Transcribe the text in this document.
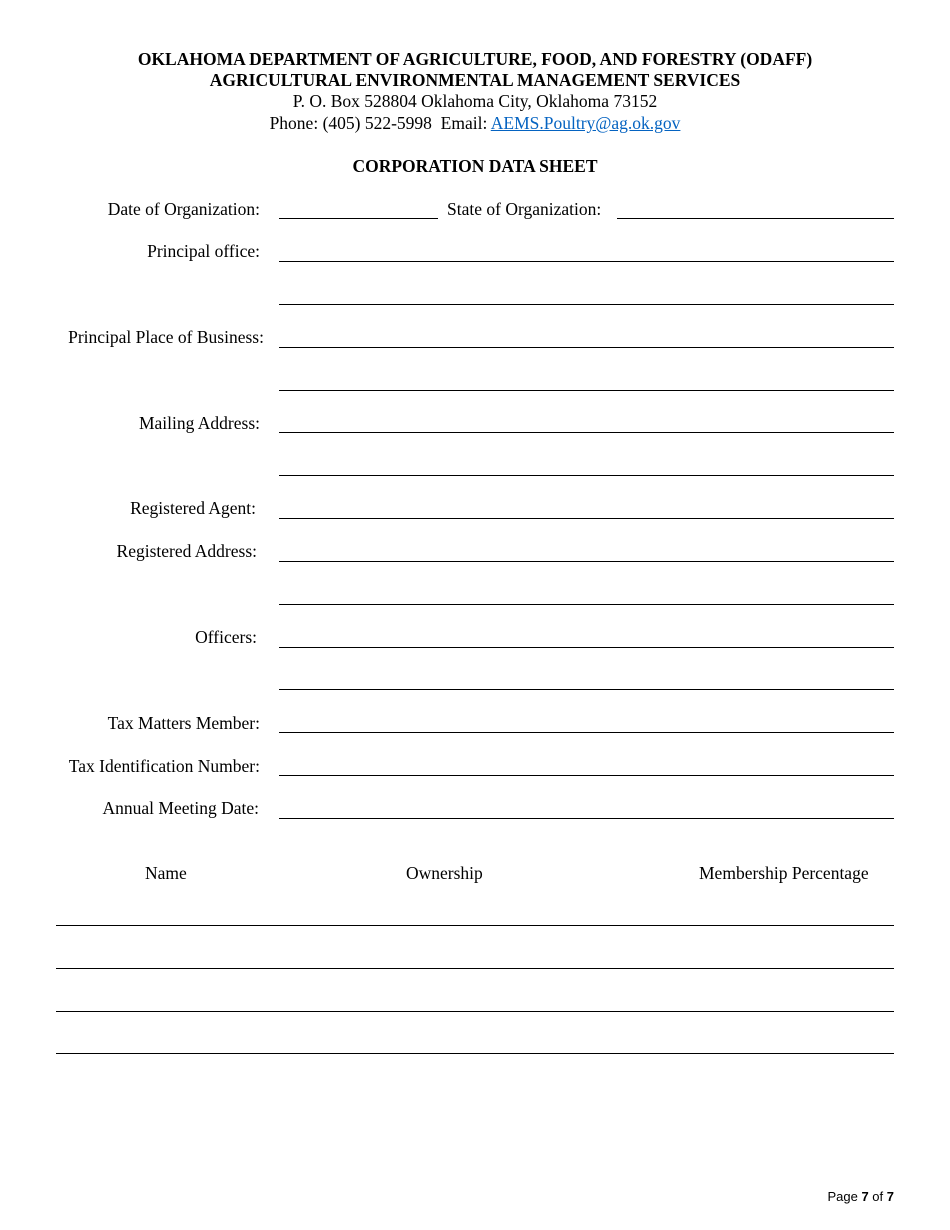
OKLAHOMA DEPARTMENT OF AGRICULTURE, FOOD, AND FORESTRY (ODAFF)
AGRICULTURAL ENVIRONMENTAL MANAGEMENT SERVICES
P. O. Box 528804 Oklahoma City, Oklahoma 73152
Phone: (405) 522-5998  Email: AEMS.Poultry@ag.ok.gov
CORPORATION DATA SHEET
Date of Organization:	State of Organization:
Principal office:
Principal Place of Business:
Mailing Address:
Registered Agent:
Registered Address:
Officers:
Tax Matters Member:
Tax Identification Number:
Annual Meeting Date:
Name	Ownership	Membership Percentage
Page 7 of 7
